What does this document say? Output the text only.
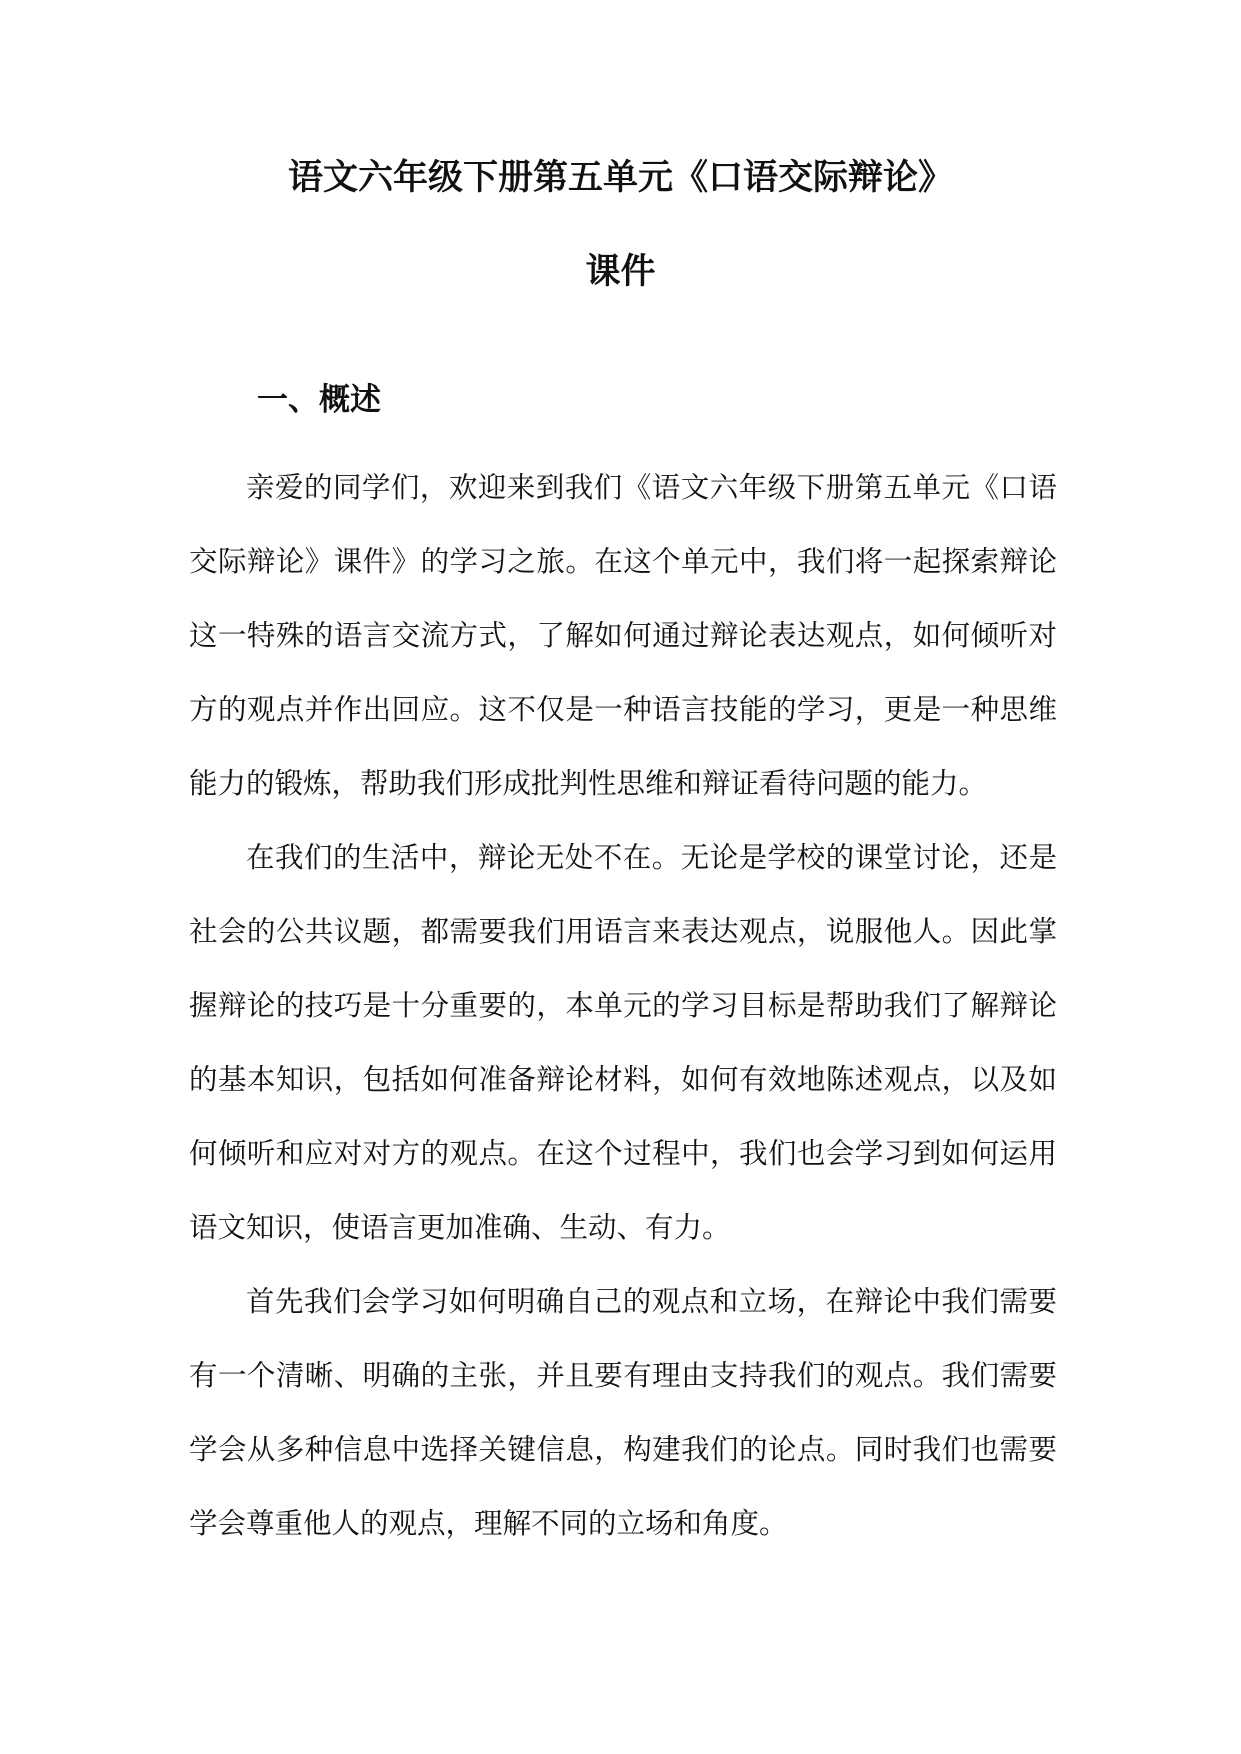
语文六年级下册第五单元《口语交际辩论》
课件
一、概述

亲爱的同学们，欢迎来到我们《语文六年级下册第五单元《口语交际辩论》课件》的学习之旅。在这个单元中，我们将一起探索辩论这一特殊的语言交流方式，了解如何通过辩论表达观点，如何倾听对方的观点并作出回应。这不仅是一种语言技能的学习，更是一种思维能力的锻炼，帮助我们形成批判性思维和辩证看待问题的能力。

在我们的生活中，辩论无处不在。无论是学校的课堂讨论，还是社会的公共议题，都需要我们用语言来表达观点，说服他人。因此掌握辩论的技巧是十分重要的，本单元的学习目标是帮助我们了解辩论的基本知识，包括如何准备辩论材料，如何有效地陈述观点，以及如何倾听和应对对方的观点。在这个过程中，我们也会学习到如何运用语文知识，使语言更加准确、生动、有力。

首先我们会学习如何明确自己的观点和立场，在辩论中我们需要有一个清晰、明确的主张，并且要有理由支持我们的观点。我们需要学会从多种信息中选择关键信息，构建我们的论点。同时我们也需要学会尊重他人的观点，理解不同的立场和角度。
